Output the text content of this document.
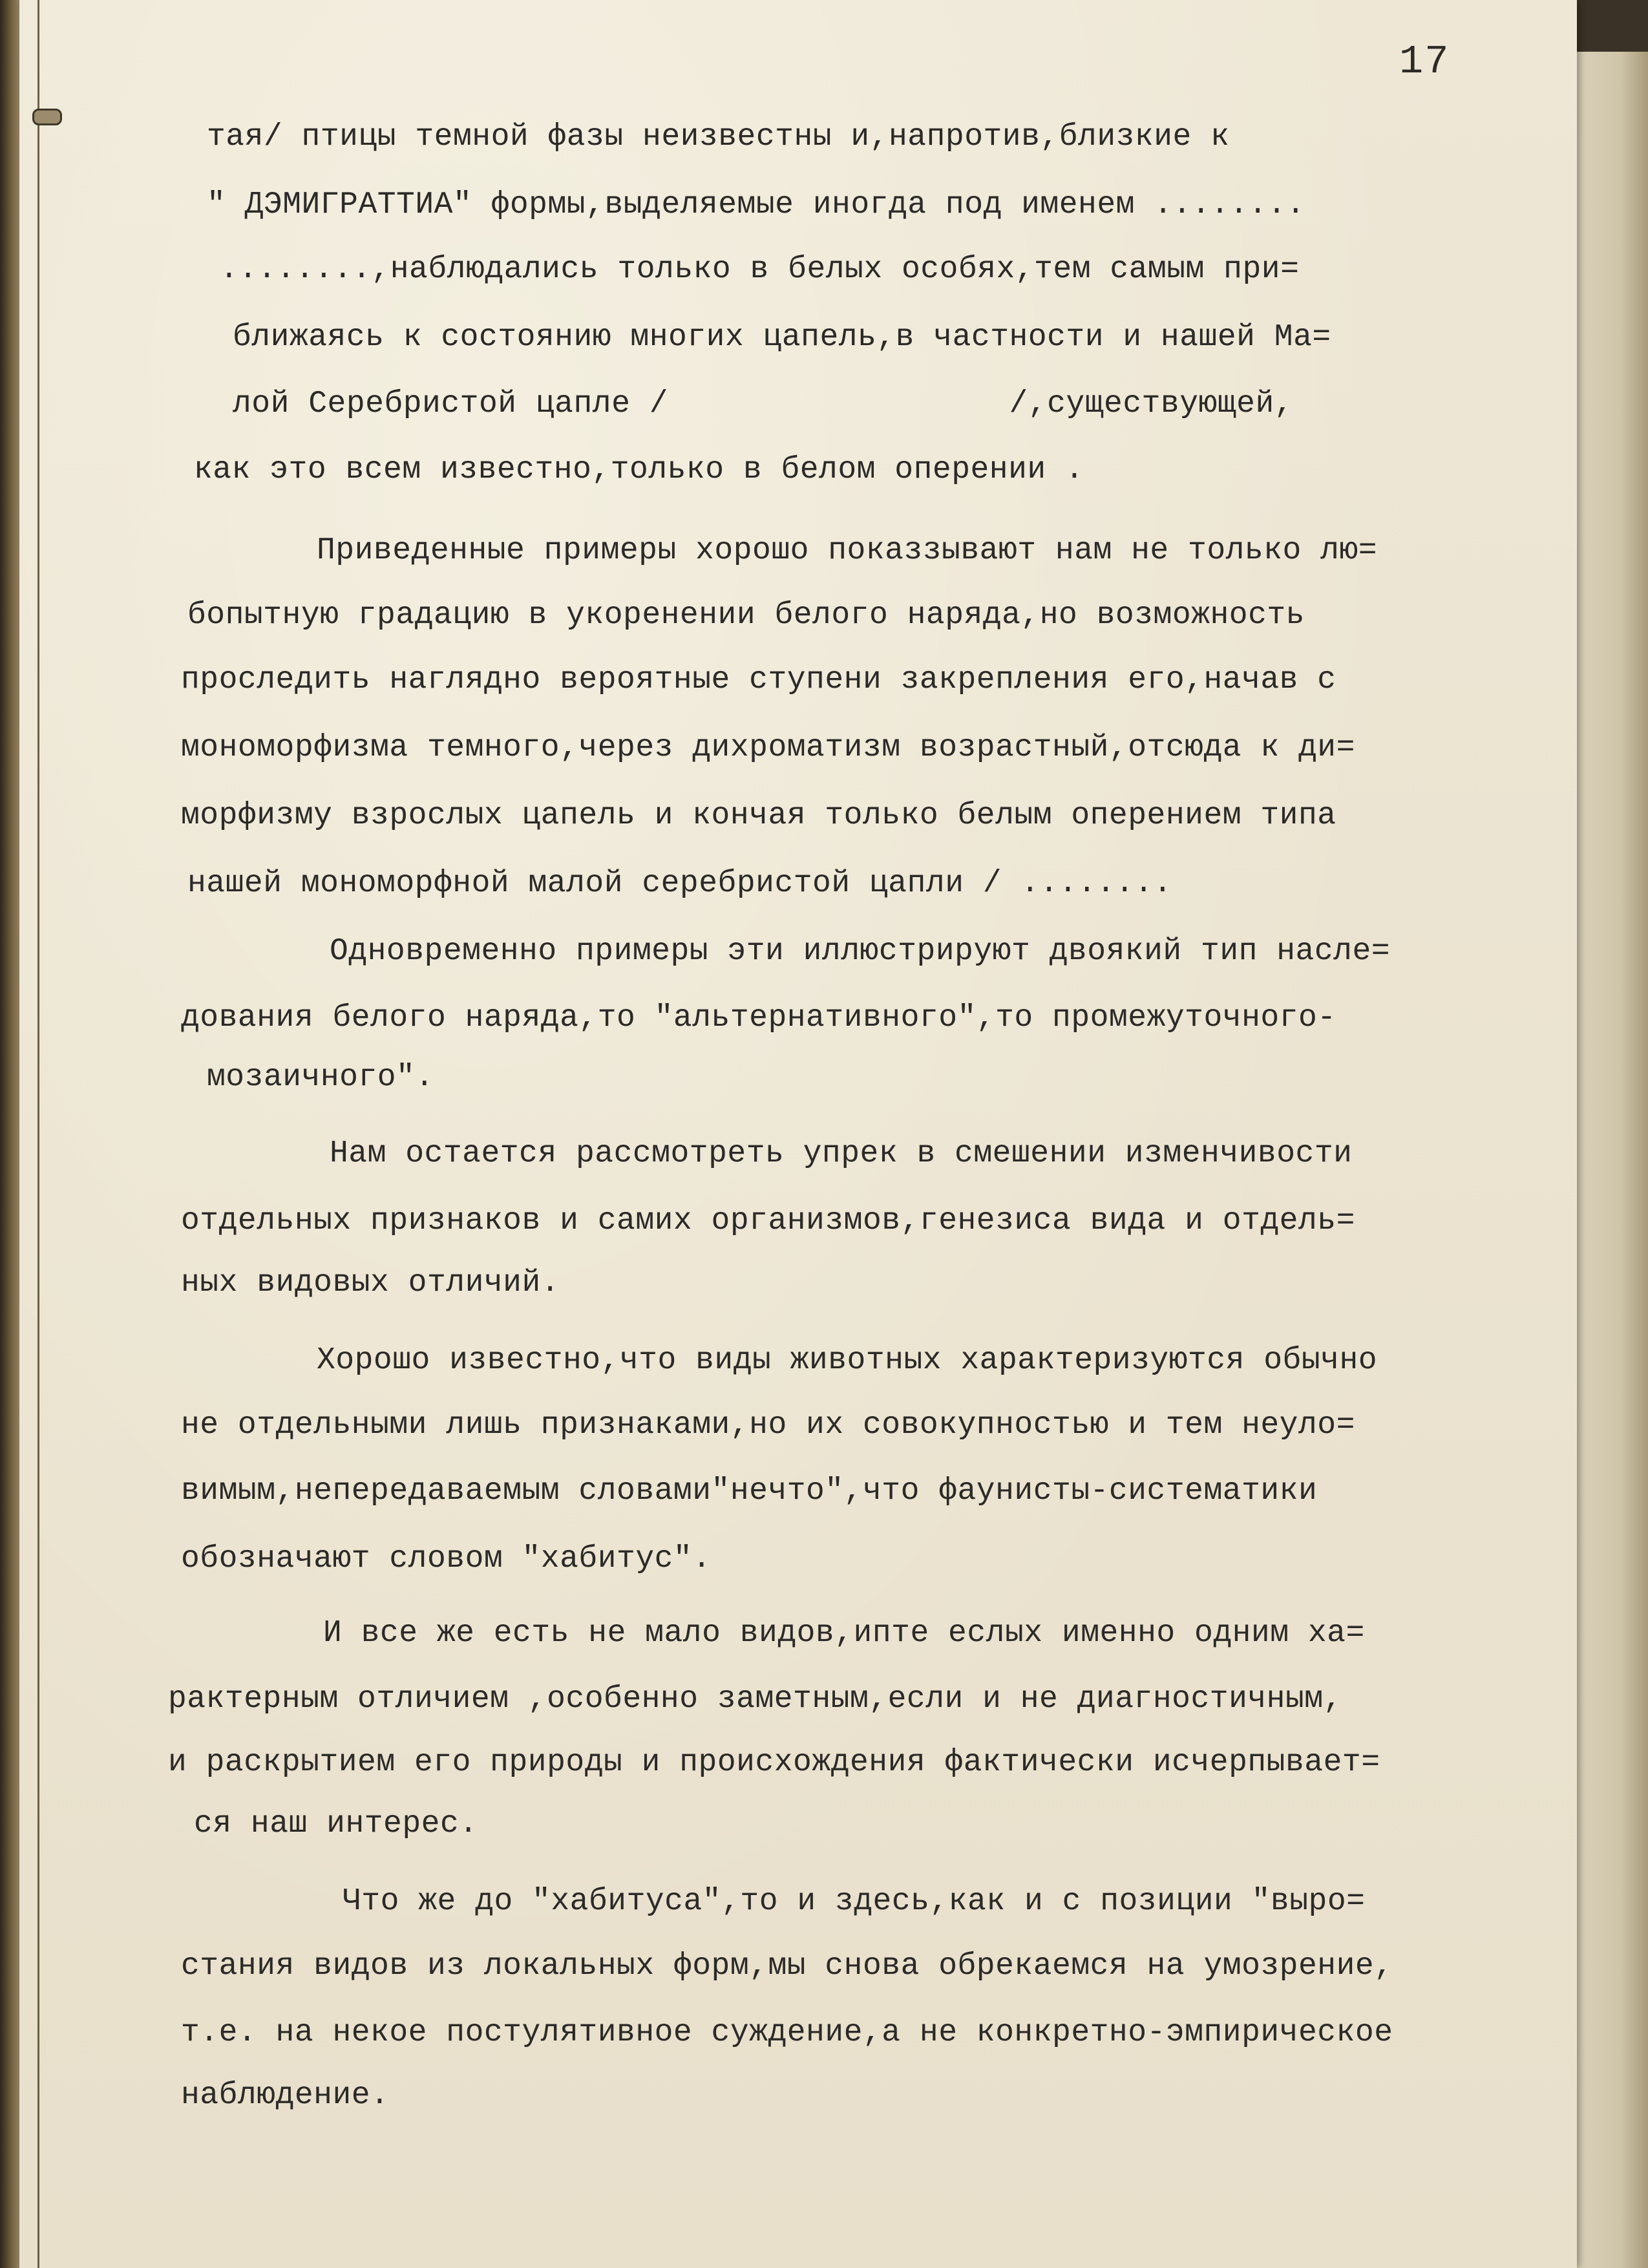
17
тая/ птицы темной фазы неизвестны и,напротив,близкие к
" ДЭМИГРАТТИА" формы,выделяемые иногда под именем ........
........,наблюдались только в белых особях,тем самым при=
ближаясь к состоянию многих цапель,в частности и нашей Ма=
лой Серебристой цапле /                  /,существующей,
как это всем известно,только в белом оперении .
Приведенные примеры хорошо показзывают нам не только лю=
бопытную градацию в укоренении белого наряда,но возможность
проследить наглядно вероятные ступени закрепления его,начав с
мономорфизма темного,через дихроматизм возрастный,отсюда к ди=
морфизму взрослых цапель и кончая только белым оперением типа
нашей мономорфной малой серебристой цапли / ........
Одновременно примеры эти иллюстрируют двоякий тип насле=
дования белого наряда,то "альтернативного",то промежуточного-
мозаичного".
Нам остается рассмотреть упрек в смешении изменчивости
отдельных признаков и самих организмов,генезиса вида и отдель=
ных видовых отличий.
Хорошо известно,что виды животных характеризуются обычно
не отдельными лишь признаками,но их совокупностью и тем неуло=
вимым,непередаваемым словами"нечто",что фаунисты-систематики
обозначают словом "хабитус".
И все же есть не мало видов,ипте еслых именно одним ха=
рактерным отличием ,особенно заметным,если и не диагностичным,
и раскрытием его природы и происхождения фактически исчерпывает=
ся наш интерес.
Что же до "хабитуса",то и здесь,как и с позиции "выро=
стания видов из локальных форм,мы снова обрекаемся на умозрение,
т.е. на некое постулятивное суждение,а не конкретно-эмпирическое
наблюдение.
